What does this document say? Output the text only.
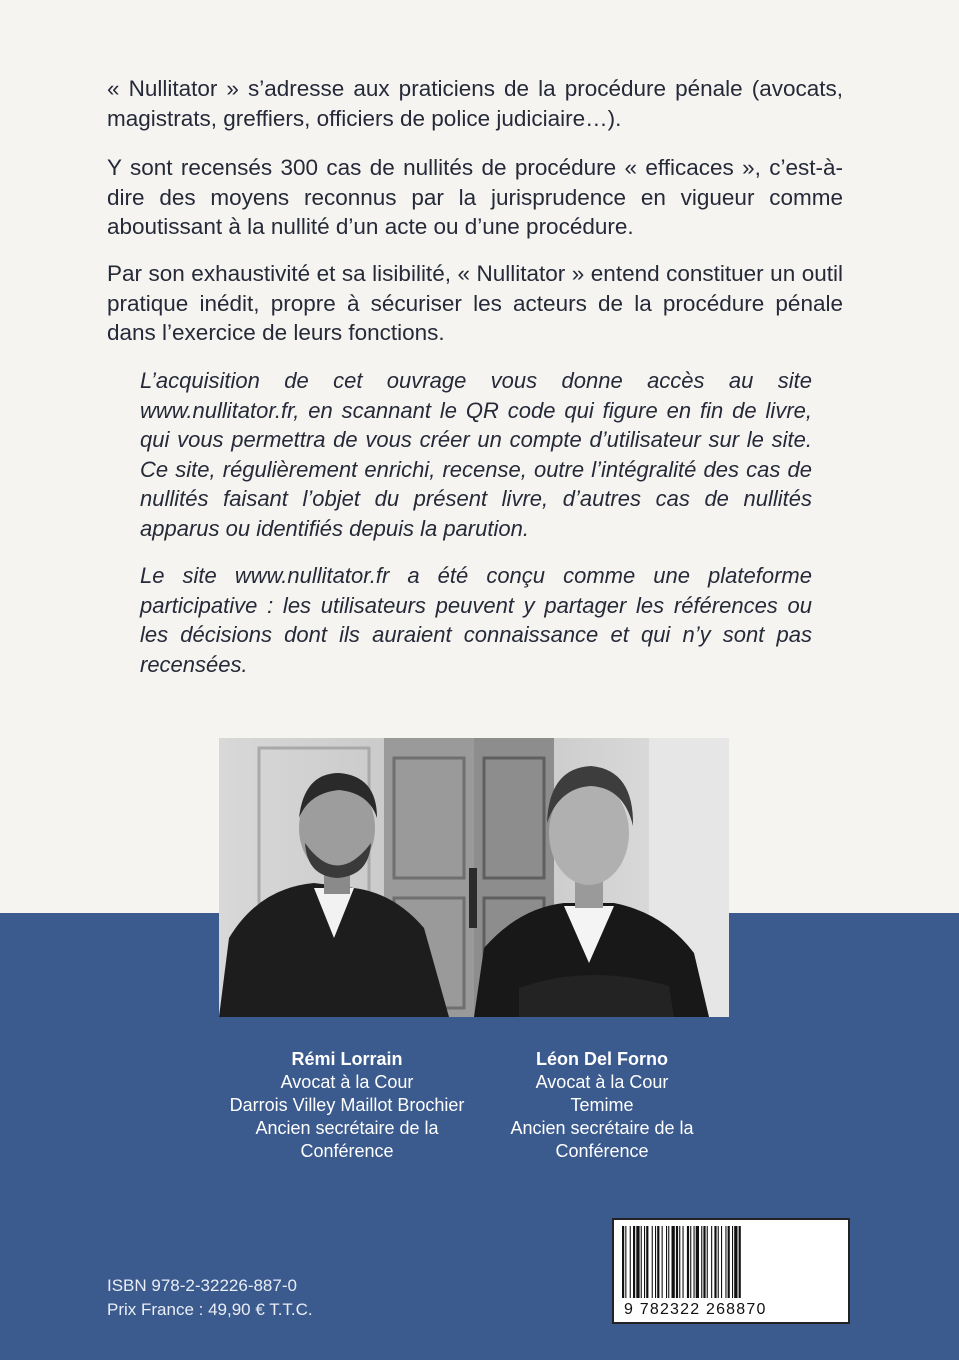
« Nullitator » s’adresse aux praticiens de la procédure pénale (avocats, magistrats, greffiers, officiers de police judiciaire…).

Y sont recensés 300 cas de nullités de procédure « efficaces », c’est-à-dire des moyens reconnus par la jurisprudence en vigueur comme aboutissant à la nullité d’un acte ou d’une procédure.

Par son exhaustivité et sa lisibilité, « Nullitator » entend constituer un outil pratique inédit, propre à sécuriser les acteurs de la procédure pénale dans l’exercice de leurs fonctions.

L’acquisition de cet ouvrage vous donne accès au site www.nullitator.fr, en scannant le QR code qui figure en fin de livre, qui vous permettra de vous créer un compte d’utilisateur sur le site. Ce site, régulièrement enrichi, recense, outre l’intégralité des cas de nullités faisant l’objet du présent livre, d’autres cas de nullités apparus ou identifiés depuis la parution.

Le site www.nullitator.fr a été conçu comme une plateforme participative : les utilisateurs peuvent y partager les références ou les décisions dont ils auraient connaissance et qui n’y sont pas recensées.

Rémi Lorrain
Avocat à la Cour
Darrois Villey Maillot Brochier
Ancien secrétaire de la
Conférence
Léon Del Forno
Avocat à la Cour
Temime
Ancien secrétaire de la
Conférence
ISBN 978-2-32226-887-0
Prix France : 49,90 € T.T.C.	9 782322 268870
